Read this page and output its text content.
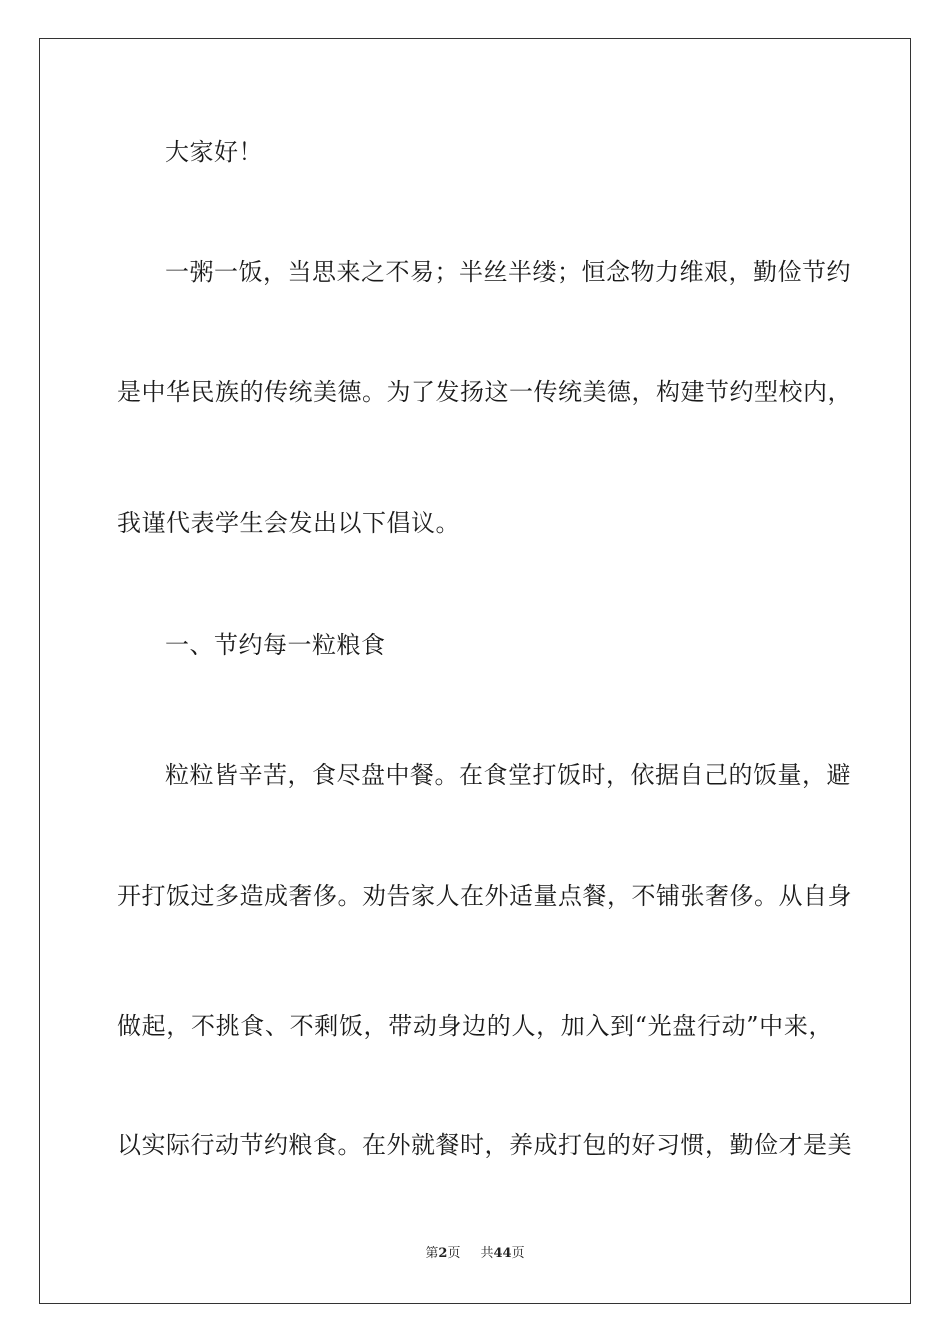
大家好！
一粥一饭，当思来之不易；半丝半缕；恒念物力维艰，勤俭节约
是中华民族的传统美德。为了发扬这一传统美德，构建节约型校内，
我谨代表学生会发出以下倡议。
一、节约每一粒粮食
粒粒皆辛苦，食尽盘中餐。在食堂打饭时，依据自己的饭量，避
开打饭过多造成奢侈。劝告家人在外适量点餐，不铺张奢侈。从自身
做起，不挑食、不剩饭，带动身边的人，加入到“光盘行动”中来，
以实际行动节约粮食。在外就餐时，养成打包的好习惯，勤俭才是美
第2页 共44页
